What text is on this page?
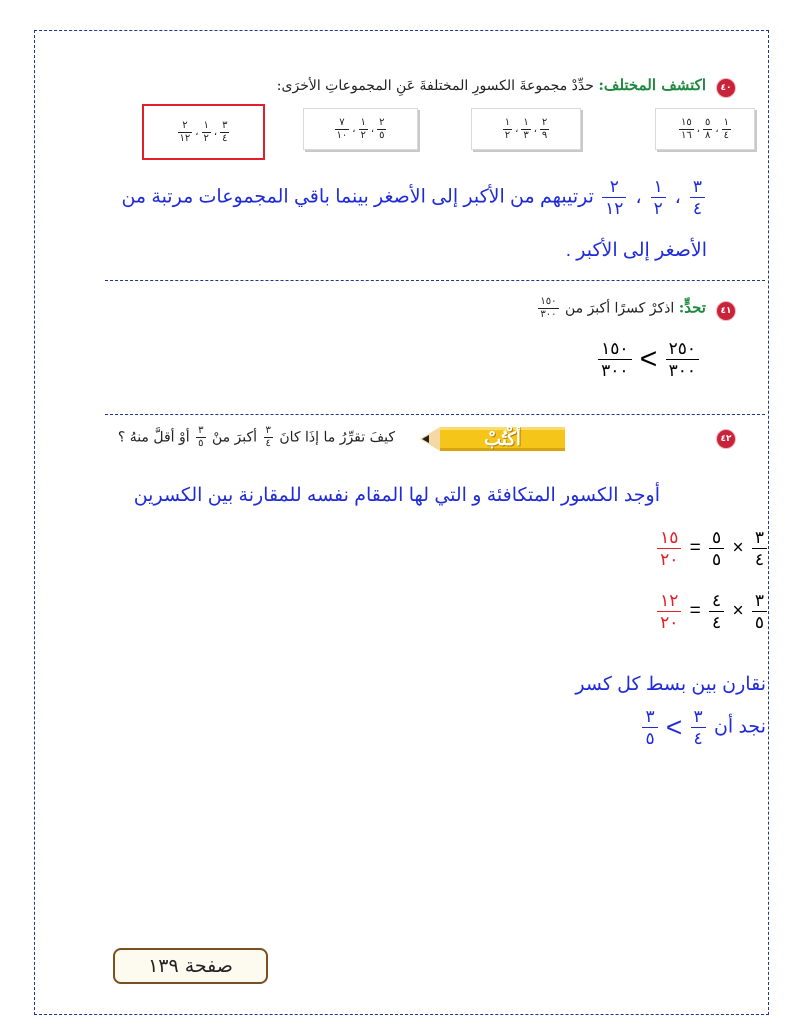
٤٠
اكتشف المختلف: حدِّدْ مجموعةَ الكسورِ المختلفةَ عَنِ المجموعاتِ الأخرَى:
١
٤
،
٥
٨
،
١٥
١٦
٢
٩
،
١
٣
،
١
٢
٢
٥
،
١
٢
،
٧
١٠
٣
٤
،
١
٢
،
٢
١٢
٣
٤
،
١
٢
،
٢
١٢
ترتيبهم من الأكبر إلى الأصغر بينما باقي المجموعات مرتبة من
الأصغر إلى الأكبر .
٤١
تحدٍّ: اذكرْ كسرًا أكبرَ من
١٥٠
٣٠٠
١٥٠
٣٠٠ < ٢٥٠
٣٠٠
٤٢
أكْتُبْ
كيفَ تقرِّرُ ما إذَا كانَ
٣
٤
أكبرَ منْ
٣
٥
أوْ أقلَّ منهُ ؟
أوجد الكسور المتكافئة و التي لها المقام نفسه للمقارنة بين الكسرين
١٥
٢٠
= ٥
٥
× ٣
٤
١٢
٢٠
= ٤
٤
× ٣
٥
نقارن بين بسط كل كسر
نجد أن
٣
٤
>
٣
٥
صفحة ١٣٩
